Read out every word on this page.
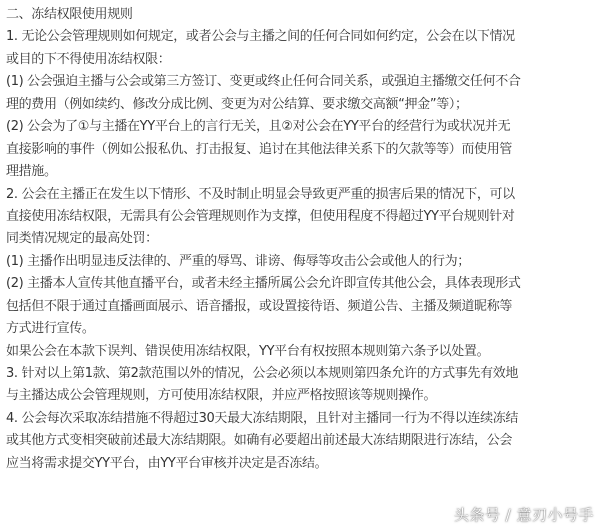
二、冻结权限使用规则
1. 无论公会管理规则如何规定，或者公会与主播之间的任何合同如何约定，公会在以下情况
或目的下不得使用冻结权限：
(1) 公会强迫主播与公会或第三方签订、变更或终止任何合同关系，或强迫主播缴交任何不合
理的费用（例如续约、修改分成比例、变更为对公结算、要求缴交高额“押金”等）；
(2) 公会为了①与主播在YY平台上的言行无关，且②对公会在YY平台的经营行为或状况并无
直接影响的事件（例如公报私仇、打击报复、追讨在其他法律关系下的欠款等等）而使用管
理措施。
2. 公会在主播正在发生以下情形、不及时制止明显会导致更严重的损害后果的情况下，可以
直接使用冻结权限，无需具有公会管理规则作为支撑，但使用程度不得超过YY平台规则针对
同类情况规定的最高处罚：
(1) 主播作出明显违反法律的、严重的辱骂、诽谤、侮辱等攻击公会或他人的行为；
(2) 主播本人宣传其他直播平台，或者未经主播所属公会允许即宣传其他公会，具体表现形式
包括但不限于通过直播画面展示、语音播报，或设置接待语、频道公告、主播及频道昵称等
方式进行宣传。
如果公会在本款下误判、错误使用冻结权限，YY平台有权按照本规则第六条予以处置。
3. 针对以上第1款、第2款范围以外的情况，公会必须以本规则第四条允许的方式事先有效地
与主播达成公会管理规则，方可使用冻结权限，并应严格按照该等规则操作。
4. 公会每次采取冻结措施不得超过30天最大冻结期限，且针对主播同一行为不得以连续冻结
或其他方式变相突破前述最大冻结期限。如确有必要超出前述最大冻结期限进行冻结，公会
应当将需求提交YY平台，由YY平台审核并决定是否冻结。
头条号 / 意刃小号手
